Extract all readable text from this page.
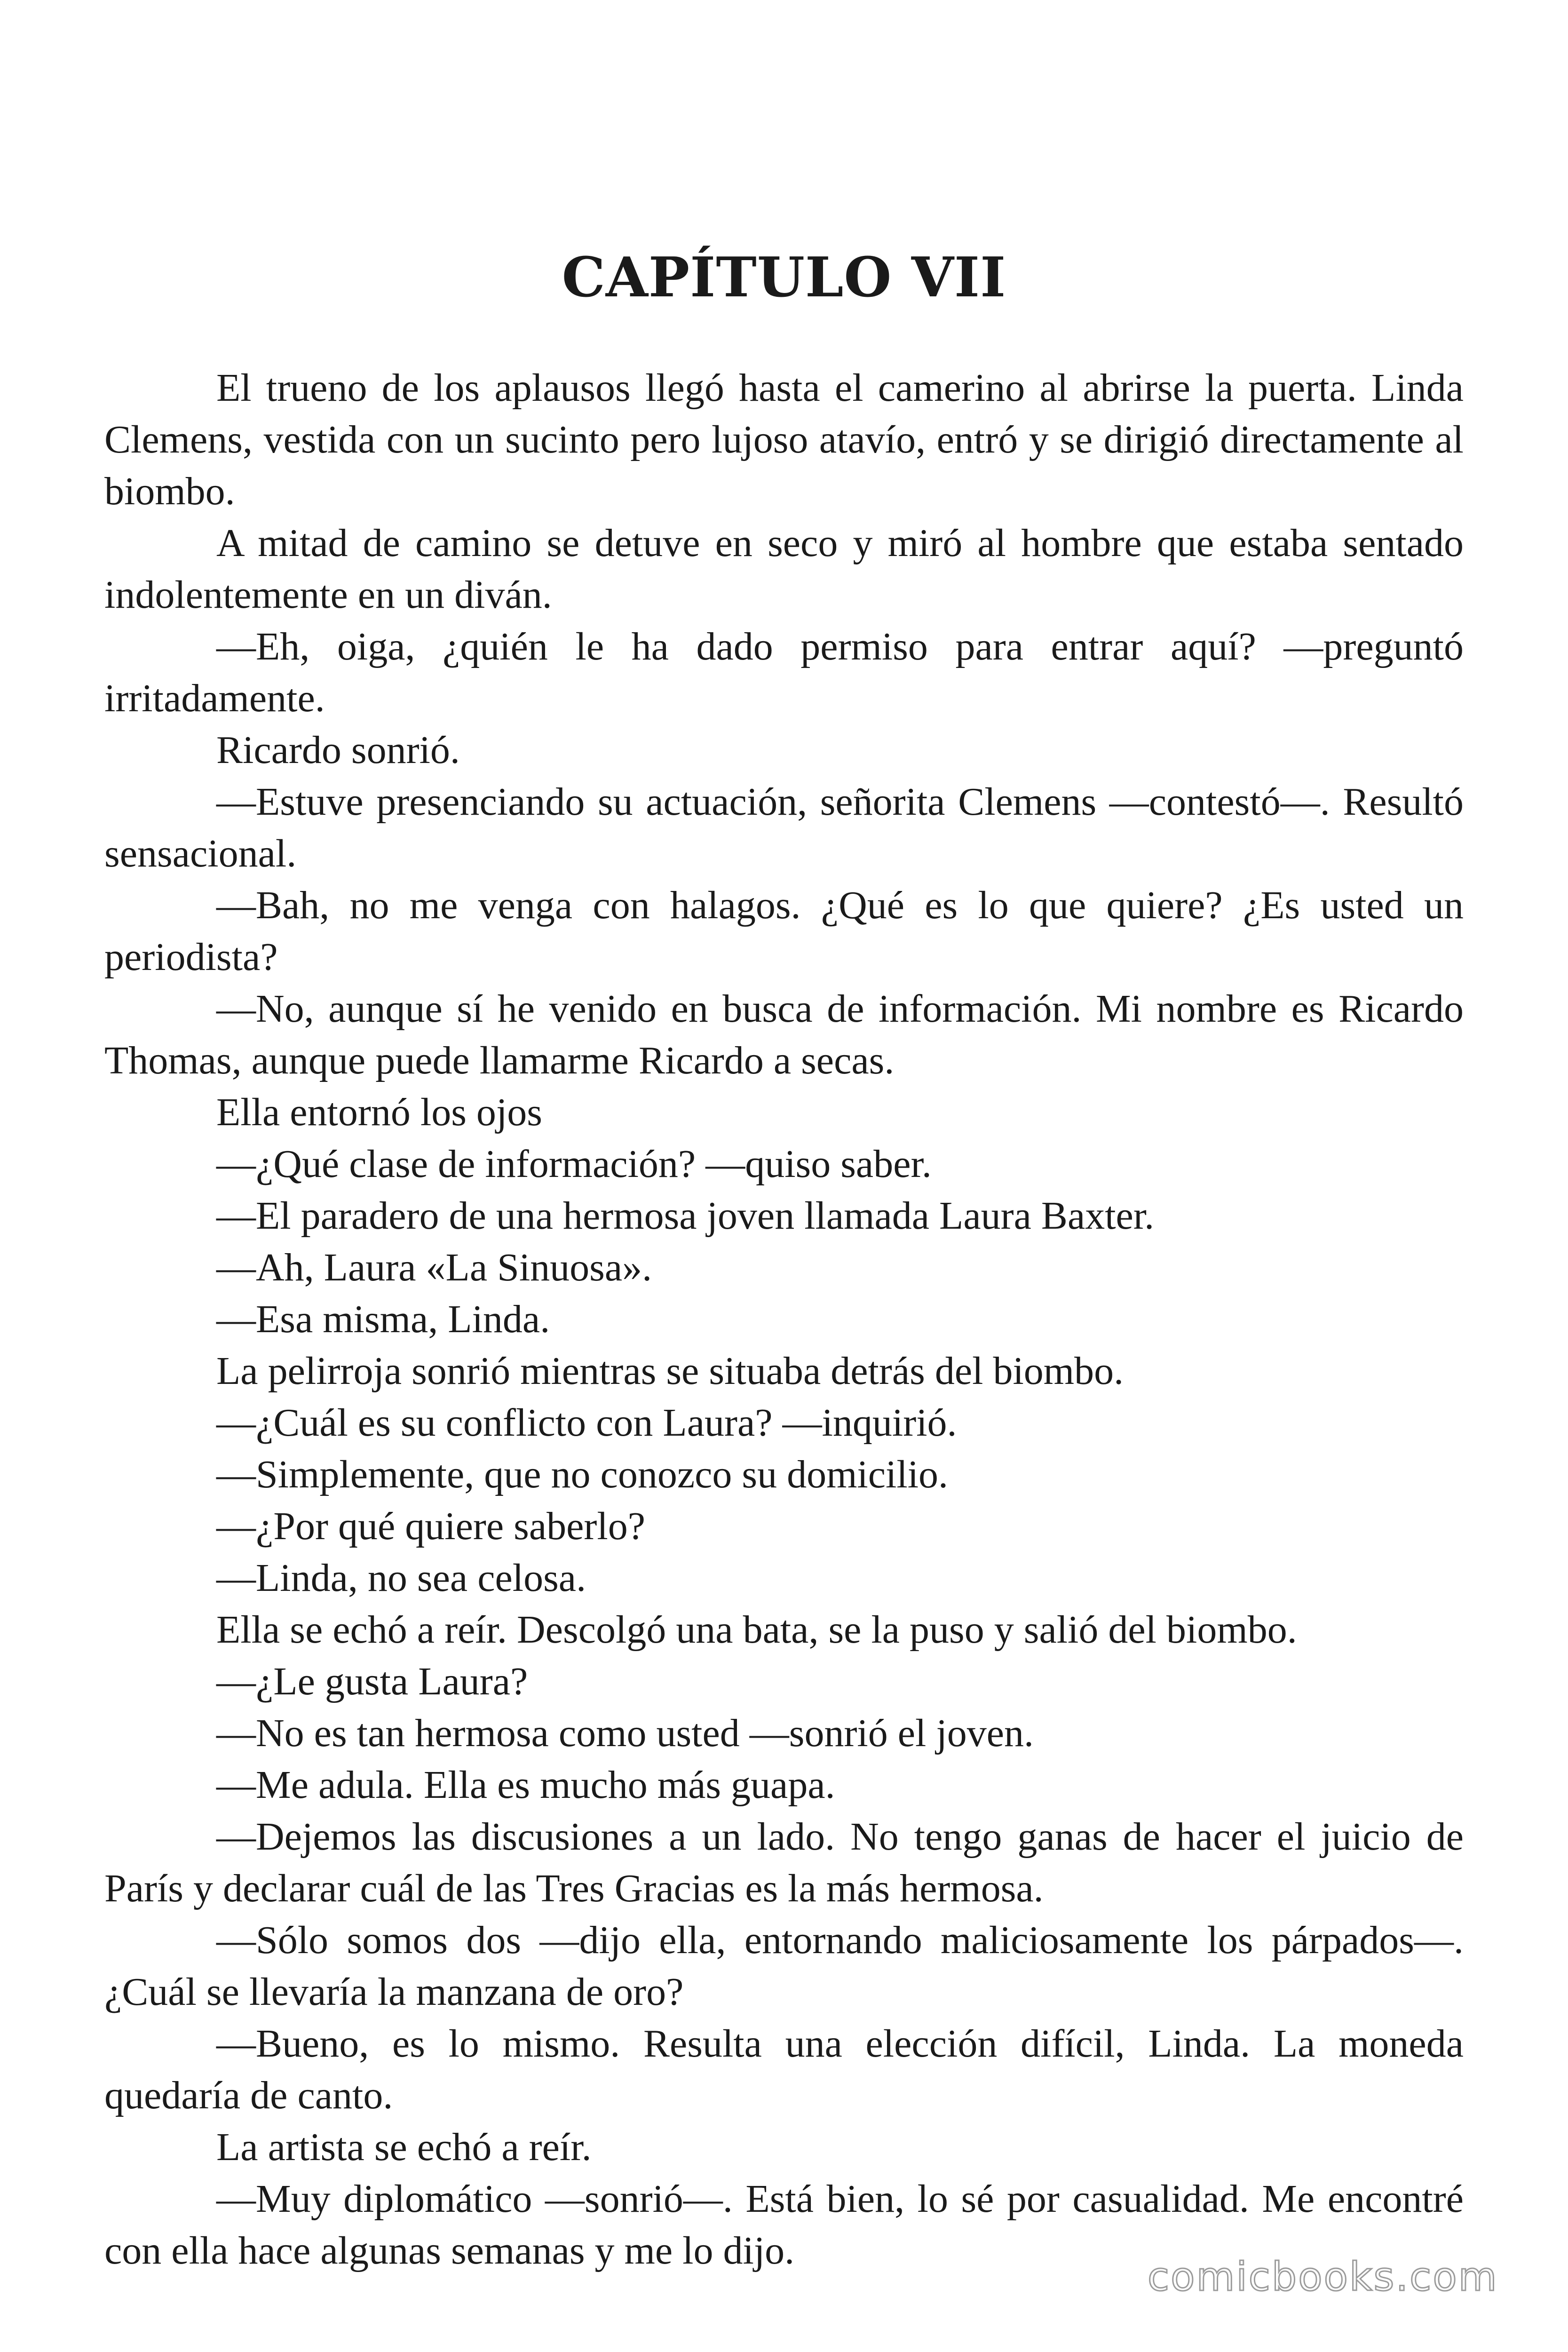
CAPÍTULO VII

El trueno de los aplausos llegó hasta el camerino al abrirse la puerta. Linda Clemens, vestida con un sucinto pero lujoso atavío, entró y se dirigió directamente al biombo.

A mitad de camino se detuve en seco y miró al hombre que estaba sentado indolentemente en un diván.

—Eh, oiga, ¿quién le ha dado permiso para entrar aquí? —preguntó irritadamente.

Ricardo sonrió.

—Estuve presenciando su actuación, señorita Clemens —contestó—. Resultó sensacional.

—Bah, no me venga con halagos. ¿Qué es lo que quiere? ¿Es usted un periodista?

—No, aunque sí he venido en busca de información. Mi nombre es Ricardo Thomas, aunque puede llamarme Ricardo a secas.

Ella entornó los ojos

—¿Qué clase de información? —quiso saber.

—El paradero de una hermosa joven llamada Laura Baxter.

—Ah, Laura «La Sinuosa».

—Esa misma, Linda.

La pelirroja sonrió mientras se situaba detrás del biombo.

—¿Cuál es su conflicto con Laura? —inquirió.

—Simplemente, que no conozco su domicilio.

—¿Por qué quiere saberlo?

—Linda, no sea celosa.

Ella se echó a reír. Descolgó una bata, se la puso y salió del biombo.

—¿Le gusta Laura?

—No es tan hermosa como usted —sonrió el joven.

—Me adula. Ella es mucho más guapa.

—Dejemos las discusiones a un lado. No tengo ganas de hacer el juicio de París y declarar cuál de las Tres Gracias es la más hermosa.

—Sólo somos dos —dijo ella, entornando maliciosamente los párpados—. ¿Cuál se llevaría la manzana de oro?

—Bueno, es lo mismo. Resulta una elección difícil, Linda. La moneda quedaría de canto.

La artista se echó a reír.

—Muy diplomático —sonrió—. Está bien, lo sé por casualidad. Me encontré con ella hace algunas semanas y me lo dijo.

comicbooks.com
